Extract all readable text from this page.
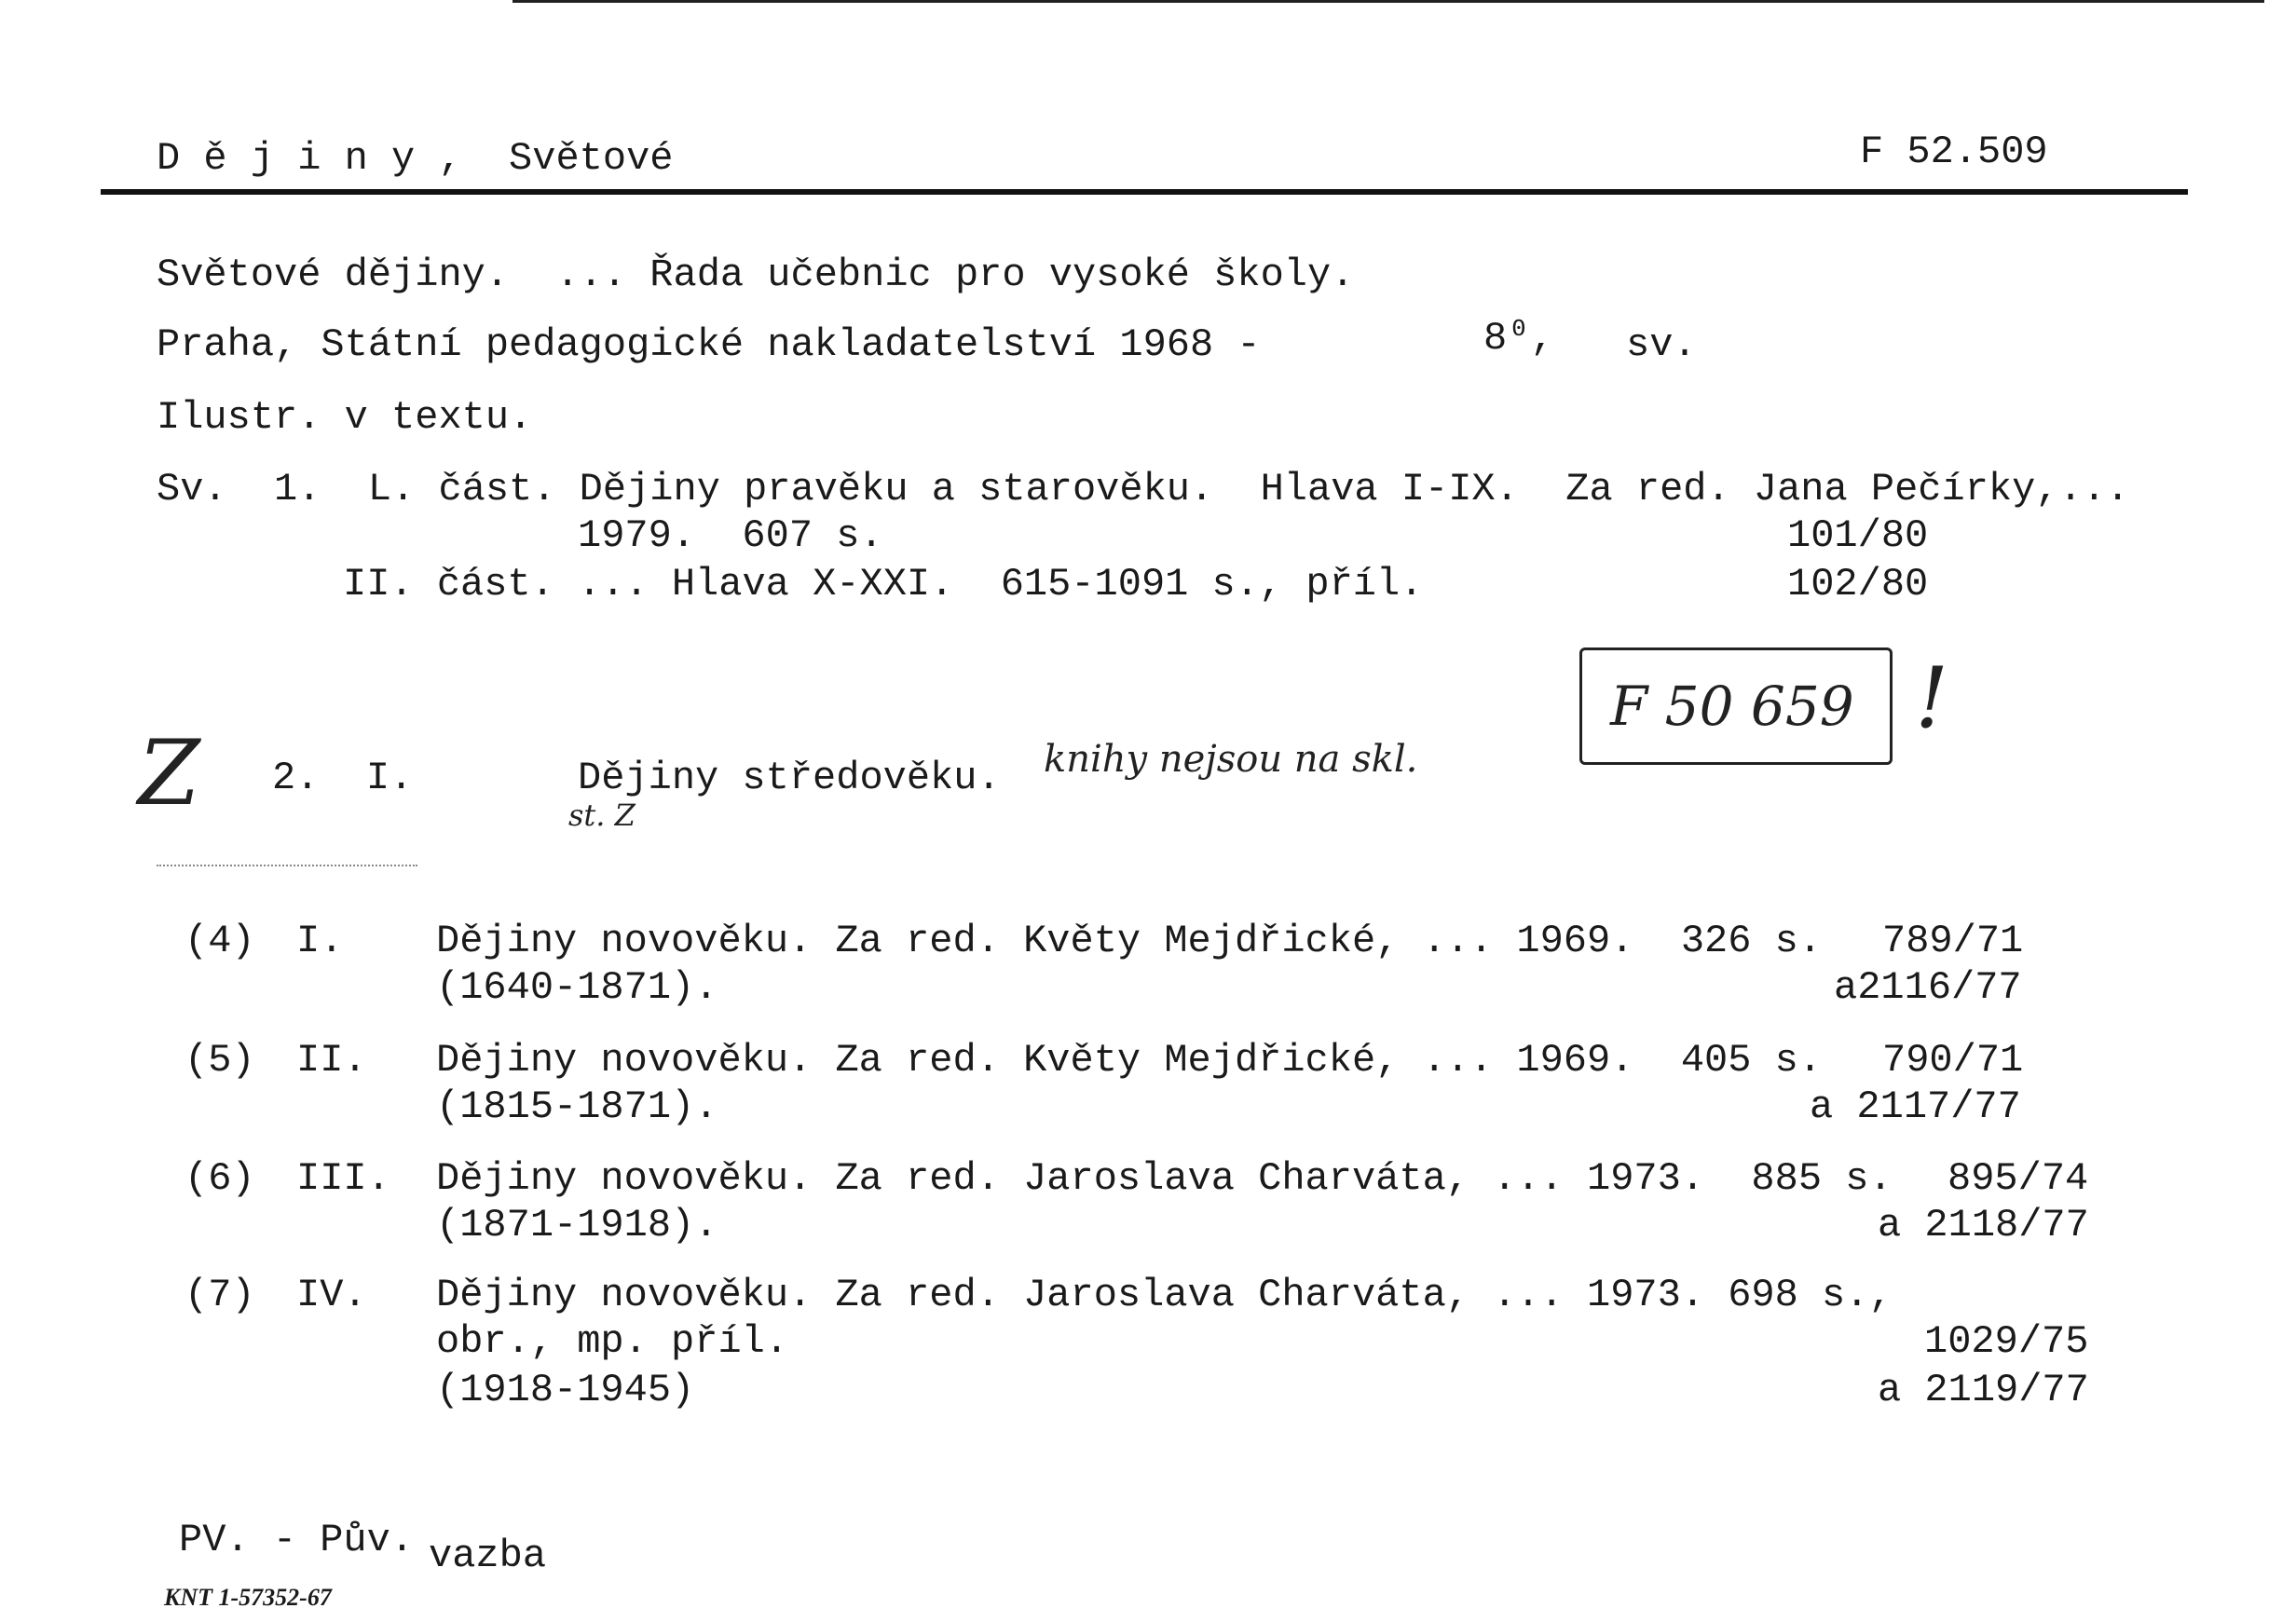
D ě j i n y ,  Světové	F 52.509
Světové dějiny.  ... Řada učebnic pro vysoké školy.
Praha, Státní pedagogické nakladatelství 1968 -	8⁰, sv.
Ilustr. v textu.
Sv.  1.  L. část. Dějiny pravěku a starověku.  Hlava I-IX.  Za red. Jana Pečírky,...
1979.  607 s.	101/80
II. část. ... Hlava X-XXI.  615-1091 s., příl.	102/80
Z 2.  I.	Dějiny středověku. knihy nejsou na skl.
st. Z
F 50 659 !
(4) I. Dějiny novověku. Za red. Květy Mejdřické, ... 1969.  326 s. 789/71
(1640-1871).	a2116/77
(5) II. Dějiny novověku. Za red. Květy Mejdřické, ... 1969.  405 s. 790/71
(1815-1871).	a 2117/77
(6) III. Dějiny novověku. Za red. Jaroslava Charváta, ... 1973.  885 s. 895/74
(1871-1918).	a 2118/77
(7) IV. Dějiny novověku. Za red. Jaroslava Charváta, ... 1973. 698 s.,
obr., mp. příl.	1029/75
(1918-1945)	a 2119/77
PV. - Pův. vazba
KNT 1-57352-67
